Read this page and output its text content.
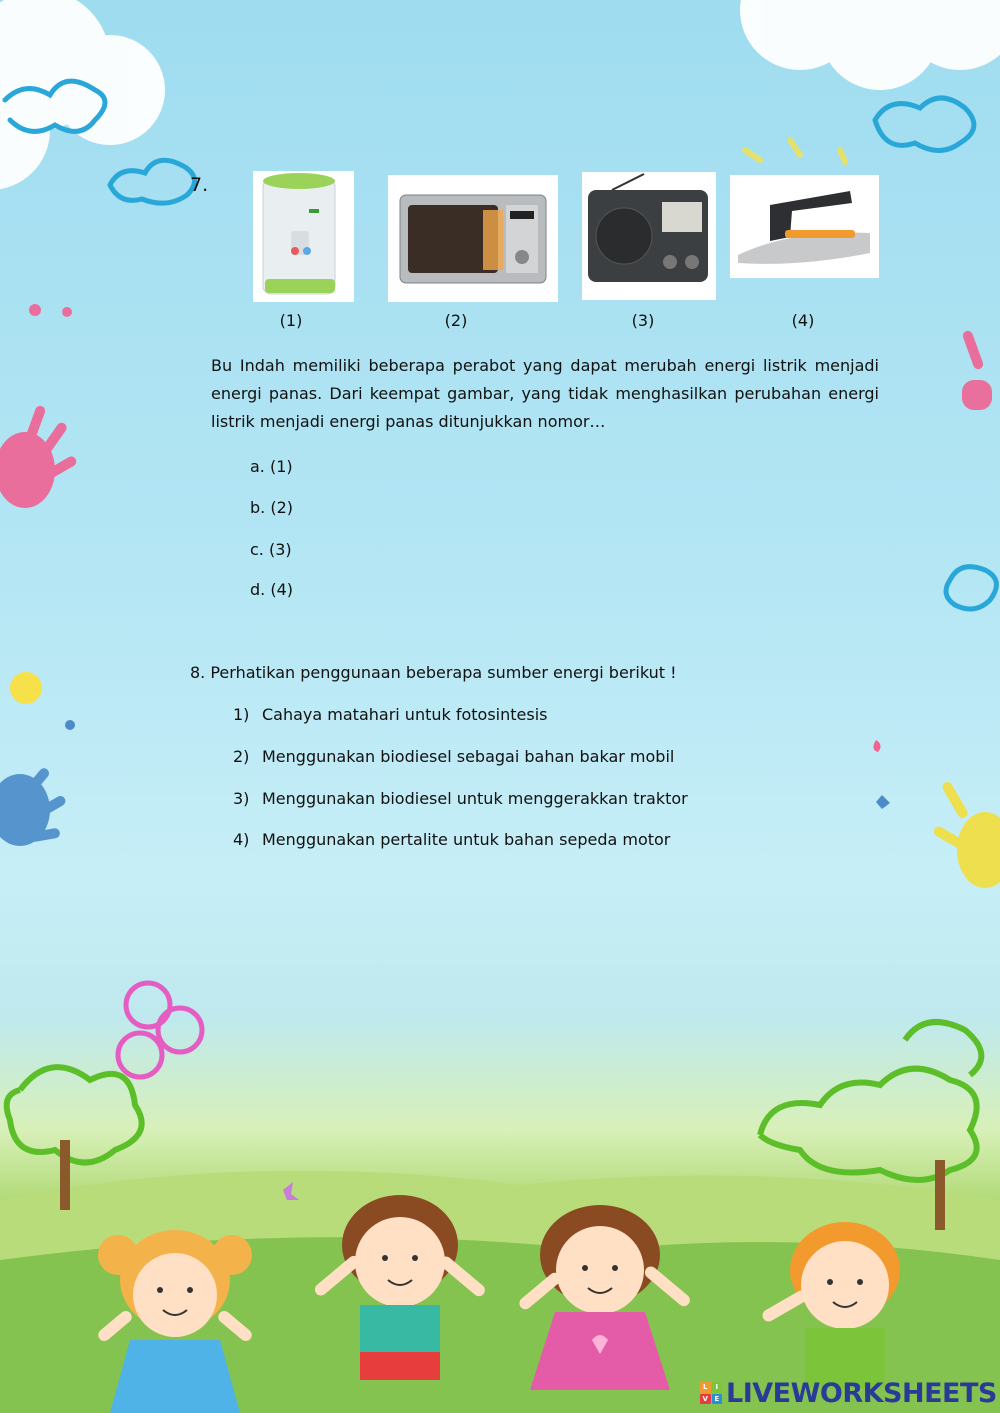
7.
(1)	(2)	(3)	(4)
Bu Indah memiliki beberapa perabot yang dapat merubah energi listrik menjadi energi panas. Dari keempat gambar, yang tidak menghasilkan perubahan energi listrik menjadi energi panas ditunjukkan nomor…
a. (1)
b. (2)
c. (3)
d. (4)
8. Perhatikan penggunaan beberapa sumber energi berikut !
1) Cahaya matahari untuk fotosintesis
2) Menggunakan biodiesel sebagai bahan bakar mobil
3) Menggunakan biodiesel untuk menggerakkan traktor
4) Menggunakan pertalite untuk bahan sepeda motor
L	I
V E LIVEWORKSHEETS
